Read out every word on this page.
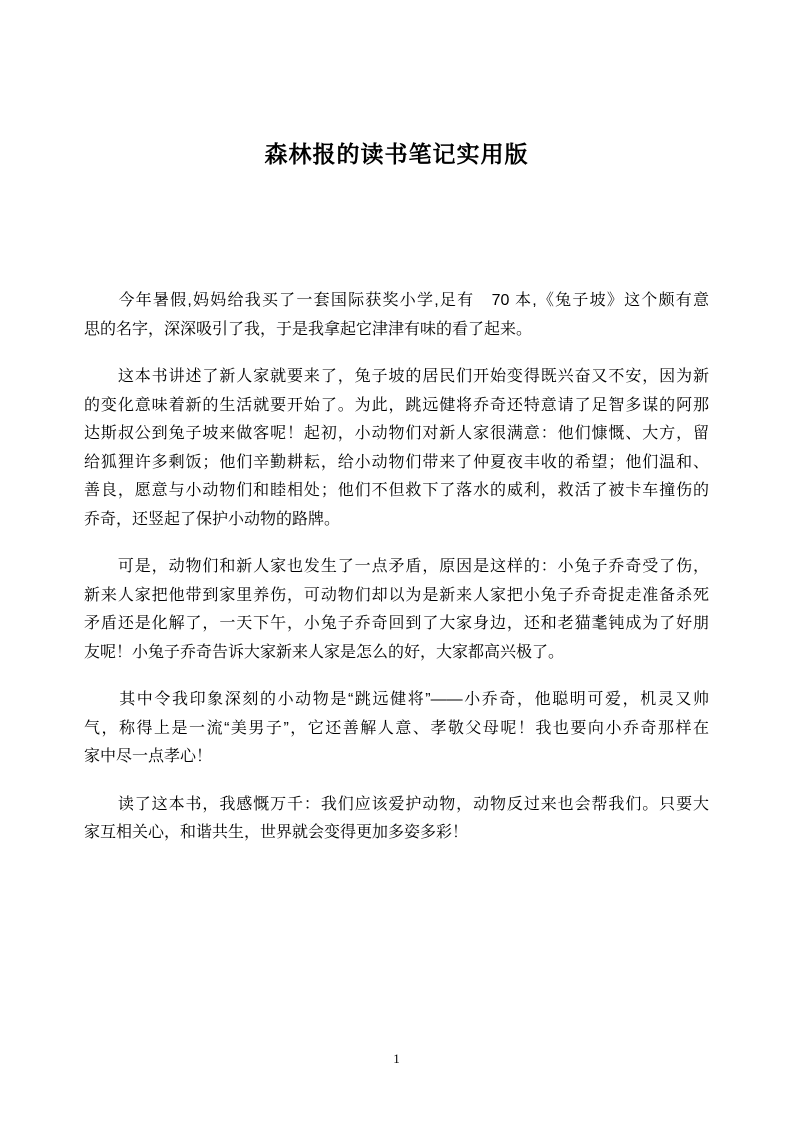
森林报的读书笔记实用版
　　今年暑假,妈妈给我买了一套国际获奖小学,足有　70 本,《兔子坡》这个颇有意
思的名字，深深吸引了我，于是我拿起它津津有味的看了起来。
　　这本书讲述了新人家就要来了，兔子坡的居民们开始变得既兴奋又不安，因为新
的变化意味着新的生活就要开始了。为此，跳远健将乔奇还特意请了足智多谋的阿那
达斯叔公到兔子坡来做客呢！起初，小动物们对新人家很满意：他们慷慨、大方，留
给狐狸许多剩饭；他们辛勤耕耘，给小动物们带来了仲夏夜丰收的希望；他们温和、
善良，愿意与小动物们和睦相处；他们不但救下了落水的威利，救活了被卡车撞伤的
乔奇，还竖起了保护小动物的路牌。
　　可是，动物们和新人家也发生了一点矛盾，原因是这样的：小兔子乔奇受了伤，
新来人家把他带到家里养伤，可动物们却以为是新来人家把小兔子乔奇捉走准备杀死
矛盾还是化解了，一天下午，小兔子乔奇回到了大家身边，还和老猫耄钝成为了好朋
友呢！小兔子乔奇告诉大家新来人家是怎么的好，大家都高兴极了。
　　其中令我印象深刻的小动物是“跳远健将”——小乔奇，他聪明可爱，机灵又帅
气，称得上是一流“美男子”，它还善解人意、孝敬父母呢！我也要向小乔奇那样在
家中尽一点孝心！
　　读了这本书，我感慨万千：我们应该爱护动物，动物反过来也会帮我们。只要大
家互相关心，和谐共生，世界就会变得更加多姿多彩！
1
